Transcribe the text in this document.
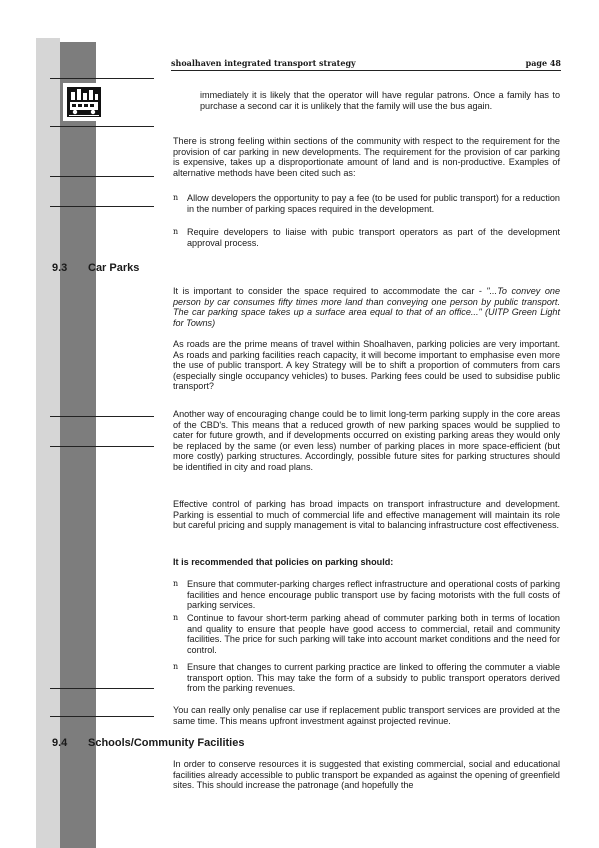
shoalhaven integrated transport strategy	page 48

immediately it is likely that the operator will have regular patrons. Once a family has to purchase a second car it is unlikely that the family will use the bus again.

There is strong feeling within sections of the community with respect to the requirement for the provision of car parking in new developments. The requirement for the provision of car parking is expensive, takes up a disproportionate amount of land and is non-productive. Examples of alternative methods have been cited such as:

n Allow developers the opportunity to pay a fee (to be used for public transport) for a reduction in the number of parking spaces required in the development.

n Require developers to liaise with pubic transport operators as part of the development approval process.

9.3 Car Parks

It is important to consider the space required to accommodate the car - "...To convey one person by car consumes fifty times more land than conveying one person by public transport. The car parking space takes up a surface area equal to that of an office..." (UITP Green Light for Towns)

As roads are the prime means of travel within Shoalhaven, parking policies are very important. As roads and parking facilities reach capacity, it will become important to emphasise even more the use of public transport. A key Strategy will be to shift a proportion of commuters from cars (especially single occupancy vehicles) to buses. Parking fees could be used to subsidise public transport?

Another way of encouraging change could be to limit long-term parking supply in the core areas of the CBD's. This means that a reduced growth of new parking spaces would be supplied to cater for future growth, and if developments occurred on existing parking areas they would only be replaced by the same (or even less) number of parking places in more space-efficient (but more costly) parking structures. Accordingly, possible future sites for parking structures should be identified in city and road plans.

Effective control of parking has broad impacts on transport infrastructure and development. Parking is essential to much of commercial life and effective management will maintain its role but careful pricing and supply management is vital to balancing infrastructure cost effectiveness.

It is recommended that policies on parking should:

n Ensure that commuter-parking charges reflect infrastructure and operational costs of parking facilities and hence encourage public transport use by facing motorists with the full costs of parking services.

n Continue to favour short-term parking ahead of commuter parking both in terms of location and quality to ensure that people have good access to commercial, retail and community facilities. The price for such parking will take into account market conditions and the need for control.

n Ensure that changes to current parking practice are linked to offering the commuter a viable transport option. This may take the form of a subsidy to public transport operators derived from the parking revenues.

You can really only penalise car use if replacement public transport services are provided at the same time. This means upfront investment against projected revinue.

9.4 Schools/Community Facilities

In order to conserve resources it is suggested that existing commercial, social and educational facilities already accessible to public transport be expanded as against the opening of greenfield sites. This should increase the patronage (and hopefully the
